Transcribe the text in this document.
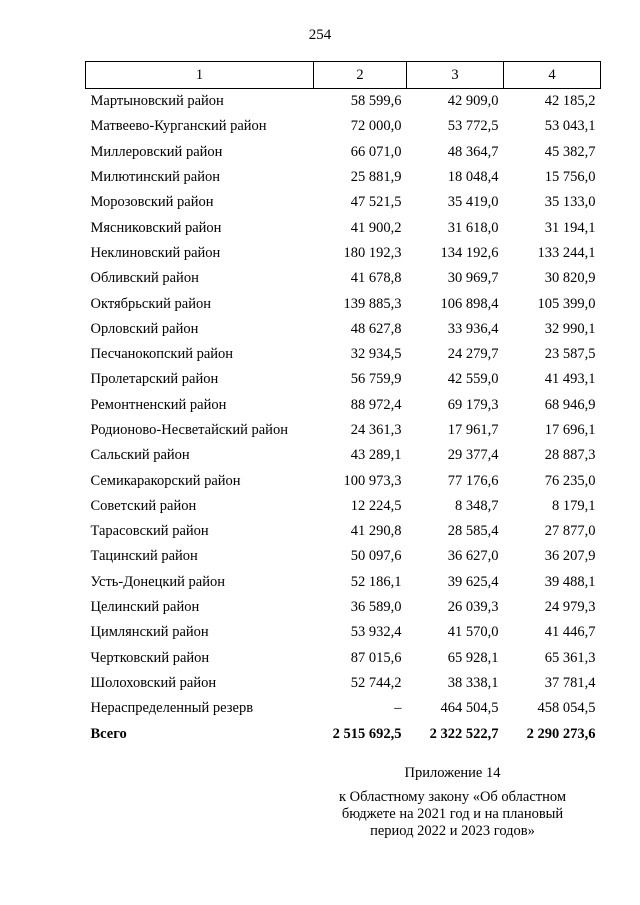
254
1	2	3	4
Мартыновский район	58 599,6	42 909,0	42 185,2
Матвеево-Курганский район	72 000,0	53 772,5	53 043,1
Миллеровский район	66 071,0	48 364,7	45 382,7
Милютинский район	25 881,9	18 048,4	15 756,0
Морозовский район	47 521,5	35 419,0	35 133,0
Мясниковский район	41 900,2	31 618,0	31 194,1
Неклиновский район	180 192,3	134 192,6	133 244,1
Обливский район	41 678,8	30 969,7	30 820,9
Октябрьский район	139 885,3	106 898,4	105 399,0
Орловский район	48 627,8	33 936,4	32 990,1
Песчанокопский район	32 934,5	24 279,7	23 587,5
Пролетарский район	56 759,9	42 559,0	41 493,1
Ремонтненский район	88 972,4	69 179,3	68 946,9
Родионово-Несветайский район	24 361,3	17 961,7	17 696,1
Сальский район	43 289,1	29 377,4	28 887,3
Семикаракорский район	100 973,3	77 176,6	76 235,0
Советский район	12 224,5	8 348,7	8 179,1
Тарасовский район	41 290,8	28 585,4	27 877,0
Тацинский район	50 097,6	36 627,0	36 207,9
Усть-Донецкий район	52 186,1	39 625,4	39 488,1
Целинский район	36 589,0	26 039,3	24 979,3
Цимлянский район	53 932,4	41 570,0	41 446,7
Чертковский район	87 015,6	65 928,1	65 361,3
Шолоховский район	52 744,2	38 338,1	37 781,4
Нераспределенный резерв	–	464 504,5	458 054,5
Всего	2 515 692,5	2 322 522,7	2 290 273,6
Приложение 14
к Областному закону «Об областном
бюджете на 2021 год и на плановый
период 2022 и 2023 годов»
